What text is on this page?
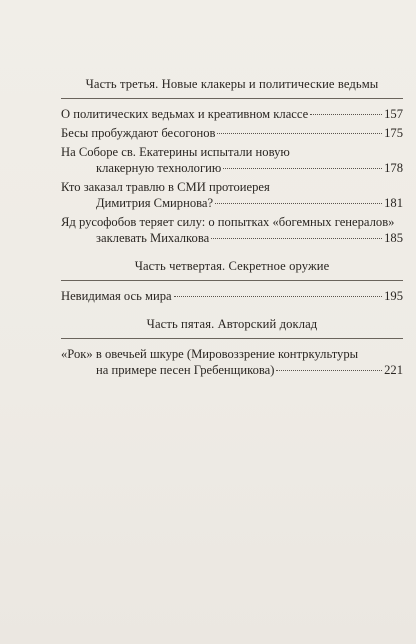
Часть третья. Новые клакеры и политические ведьмы

О политических ведьмах и креативном классе	157
Бесы пробуждают бесогонов	175
На Соборе св. Екатерины испытали новую
клакерную технологию	178
Кто заказал травлю в СМИ протоиерея
Димитрия Смирнова?	181
Яд русофобов теряет силу: о попытках «богемных генералов»
заклевать Михалкова	185

Часть четвертая. Секретное оружие

Невидимая ось мира	195

Часть пятая. Авторский доклад

«Рок» в овечьей шкуре (Мировоззрение контркультуры
на примере песен Гребенщикова)	221
